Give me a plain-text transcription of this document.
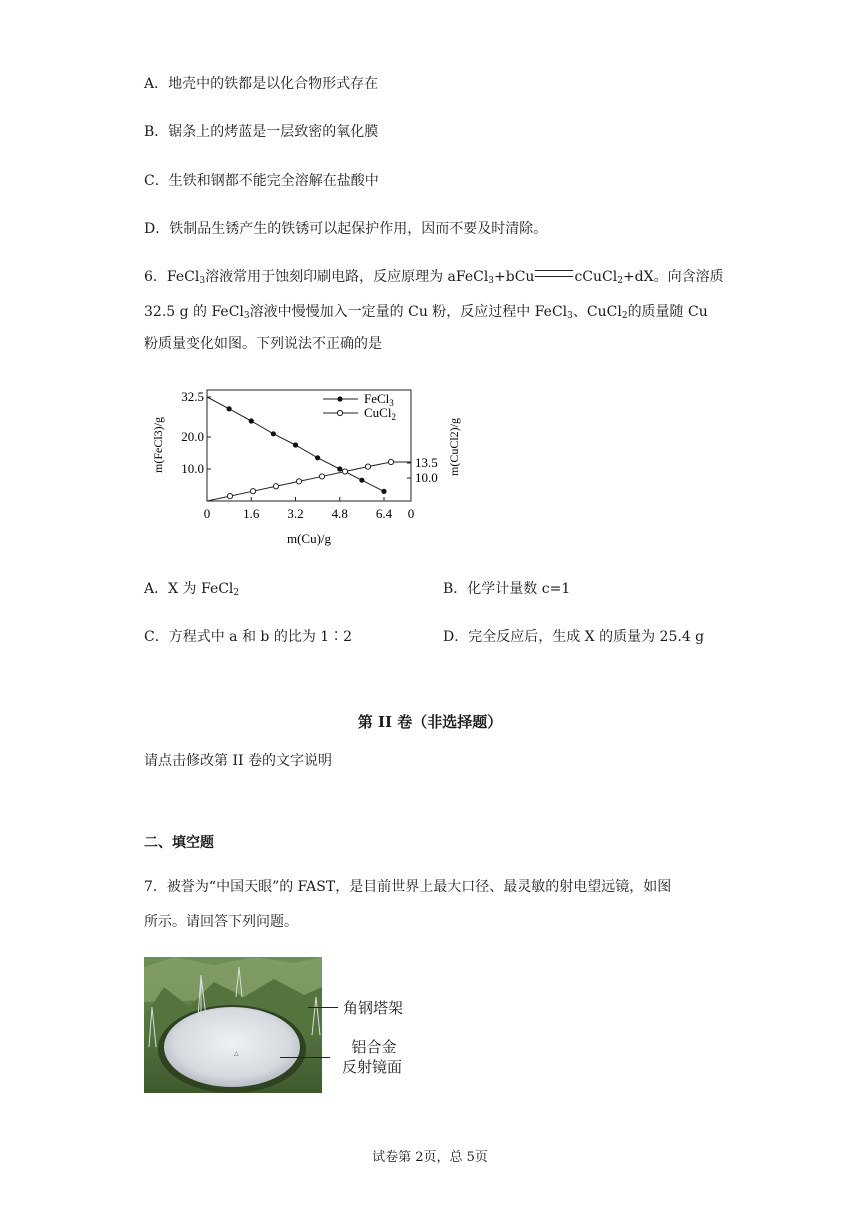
A．地壳中的铁都是以化合物形式存在
B．锯条上的烤蓝是一层致密的氧化膜
C．生铁和钢都不能完全溶解在盐酸中
D．铁制品生锈产生的铁锈可以起保护作用，因而不要及时清除。
6．FeCl$_3$溶液常用于蚀刻印刷电路，反应原理为 aFeCl$_3$+bCu	cCuCl$_2$+dX。向含溶质
32.5 g 的 FeCl$_3$溶液中慢慢加入一定量的 Cu 粉，反应过程中 FeCl$_3$、CuCl$_2$的质量随 Cu
粉质量变化如图。下列说法不正确的是
0	1.6 3.2 4.8 6.4 0
32.5
20.0
10.0	13.5
10.0
m(Cu)/g
m(FeCl3)/g	m(CuCl2)/g
FeCl$_3$
CuCl$_2$
A．X 为 FeCl$_2$	B．化学计量数 c=1
C．方程式中 a 和 b 的比为 1∶2	D．完全反应后，生成 X 的质量为 25.4 g
第 II 卷（非选择题）
请点击修改第 II 卷的文字说明
二、填空题
7．被誉为“中国天眼”的 FAST，是目前世界上最大口径、最灵敏的射电望远镜，如图
所示。请回答下列问题。
△
角钢塔架
铝合金
反射镜面
试卷第 2页，总 5页
